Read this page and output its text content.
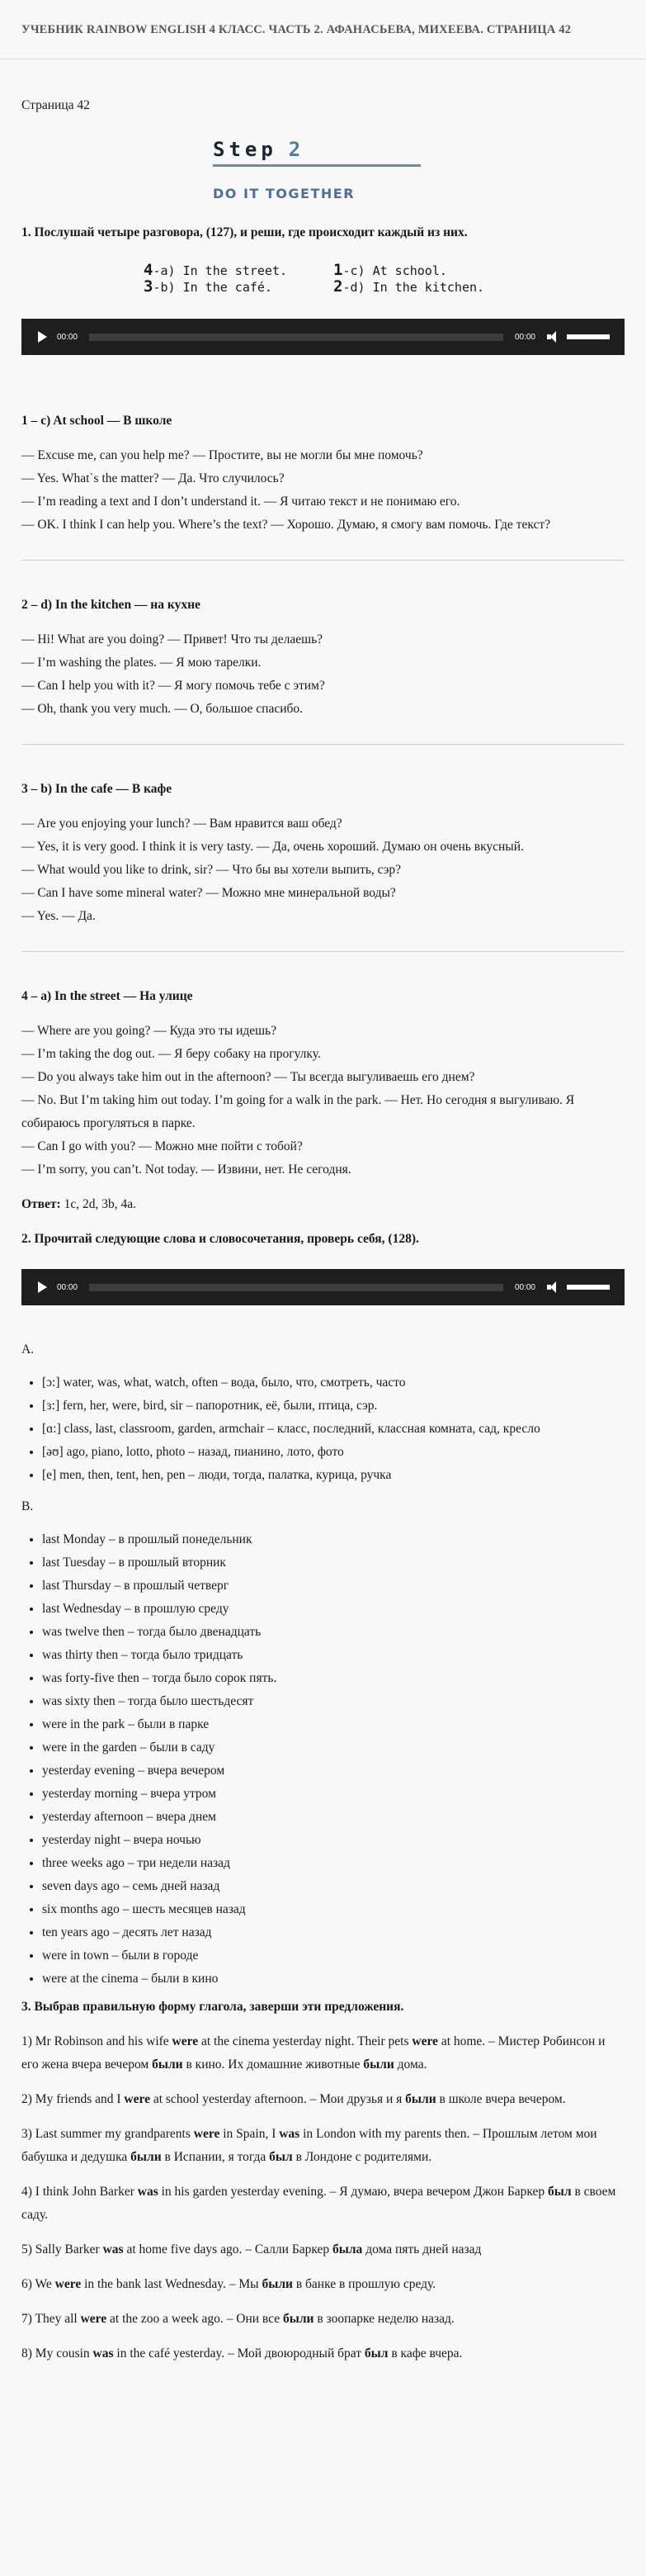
УЧЕБНИК RAINBOW ENGLISH 4 КЛАСС. ЧАСТЬ 2. АФАНАСЬЕВА, МИХЕЕВА. СТРАНИЦА 42

Страница 42

Step 2
DO IT TOGETHER

1. Послушай четыре разговора, (127), и реши, где происходит каждый из них.

4-a) In the street.	1-c) At school.
3-b) In the café.	2-d) In the kitchen.
00:00	00:00

1 – c) At school — В школе

— Excuse me, can you help me? — Простите, вы не могли бы мне помочь?

— Yes. What`s the matter? — Да. Что случилось?

— I’m reading a text and I don’t understand it. — Я читаю текст и не понимаю его.

— OK. I think I can help you. Where’s the text? — Хорошо. Думаю, я смогу вам помочь. Где текст?

2 – d) In the kitchen — на кухне

— Hi! What are you doing? — Привет! Что ты делаешь?

— I’m washing the plates. — Я мою тарелки.

— Can I help you with it? — Я могу помочь тебе с этим?

— Oh, thank you very much. — О, большое спасибо.

3 – b) In the cafe — В кафе

— Are you enjoying your lunch? — Вам нравится ваш обед?

— Yes, it is very good. I think it is very tasty. — Да, очень хороший. Думаю он очень вкусный.

— What would you like to drink, sir? — Что бы вы хотели выпить, сэр?

— Can I have some mineral water? — Можно мне минеральной воды?

— Yes. — Да.

4 – a) In the street — На улице

— Where are you going? — Куда это ты идешь?

— I’m taking the dog out. — Я беру собаку на прогулку.

— Do you always take him out in the afternoon? — Ты всегда выгуливаешь его днем?

— No. But I’m taking him out today. I’m going for a walk in the park. — Нет. Но сегодня я выгуливаю. Я собираюсь прогуляться в парке.

— Can I go with you? — Можно мне пойти с тобой?

— I’m sorry, you can’t. Not today. — Извини, нет. Не сегодня.

Ответ: 1c, 2d, 3b, 4a.

2. Прочитай следующие слова и словосочетания, проверь себя, (128).

00:00	00:00

A.

• [ɔ:] water, was, what, watch, often – вода, было, что, смотреть, часто
• [ɜ:] fern, her, were, bird, sir – папоротник, её, были, птица, сэр.
• [ɑ:] class, last, classroom, garden, armchair – класс, последний, классная комната, сад, кресло
• [əʊ] ago, piano, lotto, photo – назад, пианино, лото, фото
• [e] men, then, tent, hen, pen – люди, тогда, палатка, курица, ручка

B.

• last Monday – в прошлый понедельник
• last Tuesday – в прошлый вторник
• last Thursday – в прошлый четверг
• last Wednesday – в прошлую среду
• was twelve then – тогда было двенадцать
• was thirty then – тогда было тридцать
• was forty-five then – тогда было сорок пять.
• was sixty then – тогда было шестьдесят
• were in the park – были в парке
• were in the garden – были в саду
• yesterday evening – вчера вечером
• yesterday morning – вчера утром
• yesterday afternoon – вчера днем
• yesterday night – вчера ночью
• three weeks ago – три недели назад
• seven days ago – семь дней назад
• six months ago – шесть месяцев назад
• ten years ago – десять лет назад
• were in town – были в городе
• were at the cinema – были в кино

3. Выбрав правильную форму глагола, заверши эти предложения.

1) Mr Robinson and his wife were at the cinema yesterday night. Their pets were at home. – Мистер Робинсон и его жена вчера вечером были в кино. Их домашние животные были дома.

2) My friends and I were at school yesterday afternoon. – Мои друзья и я были в школе вчера вечером.

3) Last summer my grandparents were in Spain, I was in London with my parents then. – Прошлым летом мои бабушка и дедушка были в Испании, я тогда был в Лондоне с родителями.

4) I think John Barker was in his garden yesterday evening. – Я думаю, вчера вечером Джон Баркер был в своем саду.

5) Sally Barker was at home five days ago. – Салли Баркер была дома пять дней назад

6) We were in the bank last Wednesday. – Мы были в банке в прошлую среду.

7) They all were at the zoo a week ago. – Они все были в зоопарке неделю назад.

8) My cousin was in the café yesterday. – Мой двоюродный брат был в кафе вчера.
